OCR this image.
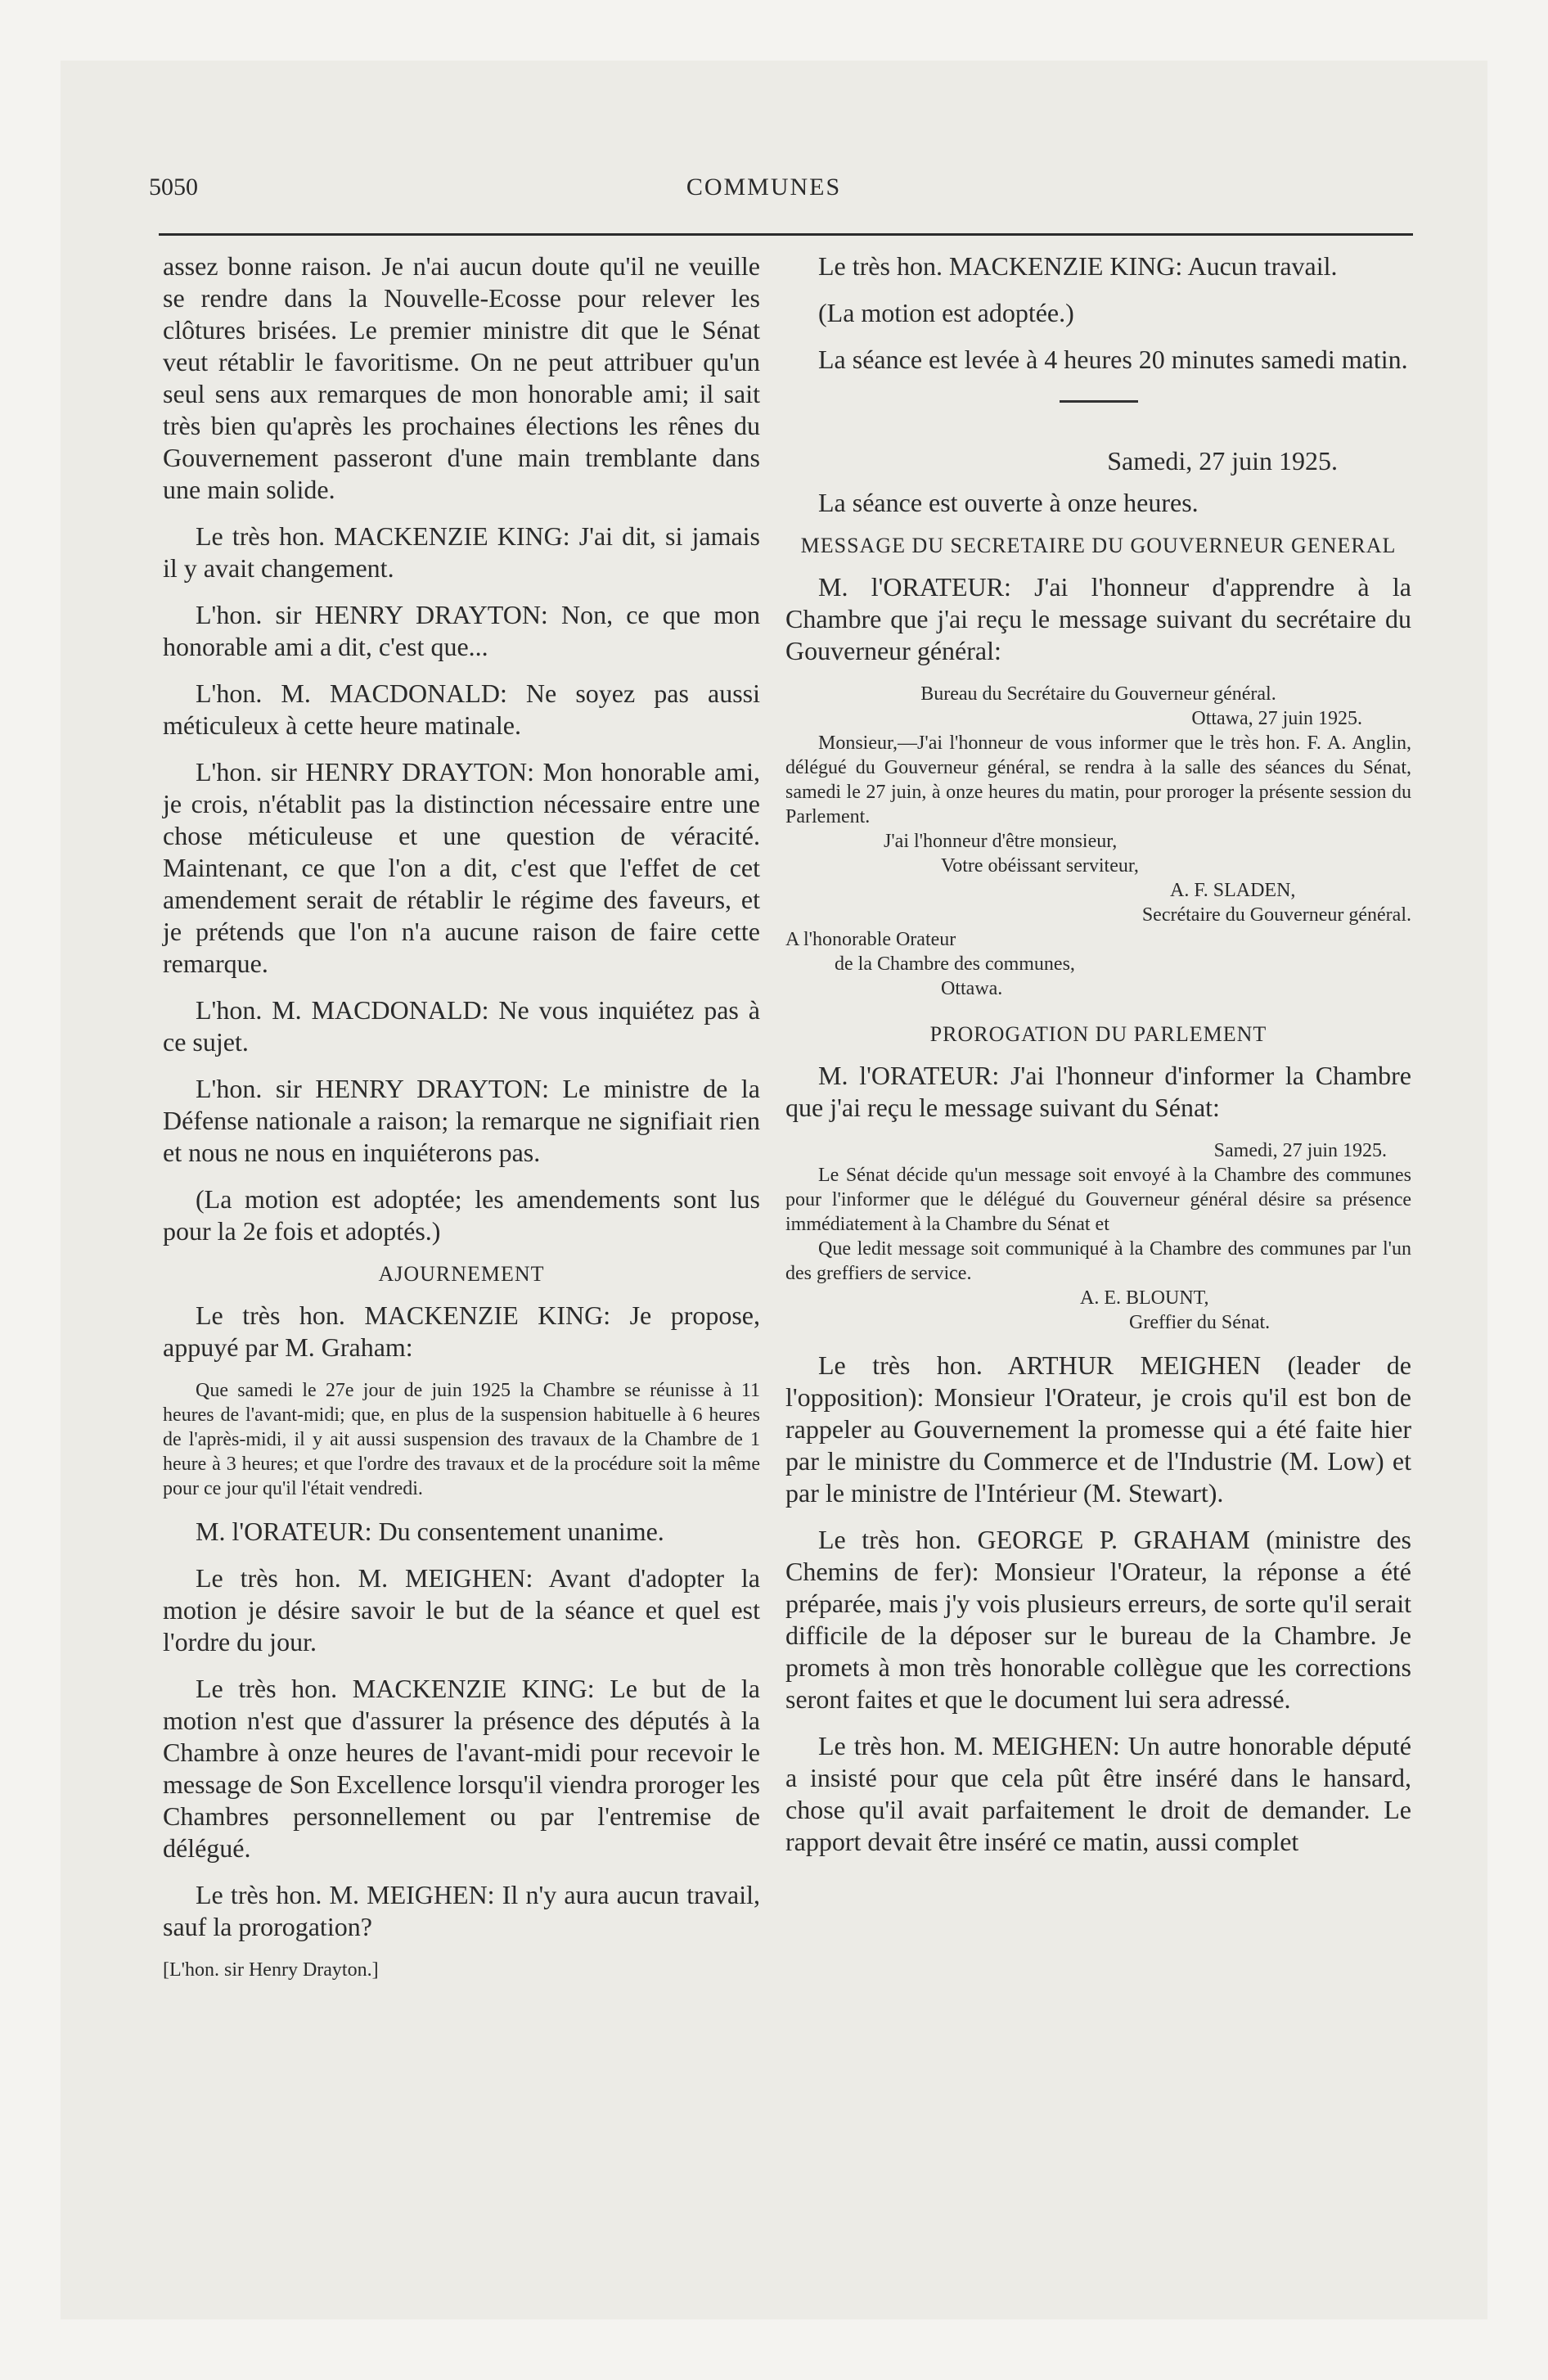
5050	COMMUNES

assez bonne raison. Je n'ai aucun doute qu'il ne veuille se rendre dans la Nouvelle-Ecosse pour relever les clôtures brisées. Le premier ministre dit que le Sénat veut rétablir le favoritisme. On ne peut attribuer qu'un seul sens aux remarques de mon honorable ami; il sait très bien qu'après les prochaines élections les rênes du Gouvernement passeront d'une main tremblante dans une main solide.

Le très hon. MACKENZIE KING: J'ai dit, si jamais il y avait changement.

L'hon. sir HENRY DRAYTON: Non, ce que mon honorable ami a dit, c'est que...

L'hon. M. MACDONALD: Ne soyez pas aussi méticuleux à cette heure matinale.

L'hon. sir HENRY DRAYTON: Mon honorable ami, je crois, n'établit pas la distinction nécessaire entre une chose méticuleuse et une question de véracité. Maintenant, ce que l'on a dit, c'est que l'effet de cet amendement serait de rétablir le régime des faveurs, et je prétends que l'on n'a aucune raison de faire cette remarque.

L'hon. M. MACDONALD: Ne vous inquiétez pas à ce sujet.

L'hon. sir HENRY DRAYTON: Le ministre de la Défense nationale a raison; la remarque ne signifiait rien et nous ne nous en inquiéterons pas.

(La motion est adoptée; les amendements sont lus pour la 2e fois et adoptés.)

AJOURNEMENT

Le très hon. MACKENZIE KING: Je propose, appuyé par M. Graham:

Que samedi le 27e jour de juin 1925 la Chambre se réunisse à 11 heures de l'avant-midi; que, en plus de la suspension habituelle à 6 heures de l'après-midi, il y ait aussi suspension des travaux de la Chambre de 1 heure à 3 heures; et que l'ordre des travaux et de la procédure soit la même pour ce jour qu'il l'était vendredi.

M. l'ORATEUR: Du consentement unanime.

Le très hon. M. MEIGHEN: Avant d'adopter la motion je désire savoir le but de la séance et quel est l'ordre du jour.

Le très hon. MACKENZIE KING: Le but de la motion n'est que d'assurer la présence des députés à la Chambre à onze heures de l'avant-midi pour recevoir le message de Son Excellence lorsqu'il viendra proroger les Chambres personnellement ou par l'entremise de délégué.

Le très hon. M. MEIGHEN: Il n'y aura aucun travail, sauf la prorogation?

[L'hon. sir Henry Drayton.]

Le très hon. MACKENZIE KING: Aucun travail.

(La motion est adoptée.)

La séance est levée à 4 heures 20 minutes samedi matin.

Samedi, 27 juin 1925.

La séance est ouverte à onze heures.

MESSAGE DU SECRETAIRE DU GOUVERNEUR GENERAL

M. l'ORATEUR: J'ai l'honneur d'apprendre à la Chambre que j'ai reçu le message suivant du secrétaire du Gouverneur général:

Bureau du Secrétaire du Gouverneur général.

Ottawa, 27 juin 1925.

Monsieur,—J'ai l'honneur de vous informer que le très hon. F. A. Anglin, délégué du Gouverneur général, se rendra à la salle des séances du Sénat, samedi le 27 juin, à onze heures du matin, pour proroger la présente session du Parlement.

J'ai l'honneur d'être monsieur,

Votre obéissant serviteur,

A. F. SLADEN,

Secrétaire du Gouverneur général.

A l'honorable Orateur

de la Chambre des communes,

Ottawa.

PROROGATION DU PARLEMENT

M. l'ORATEUR: J'ai l'honneur d'informer la Chambre que j'ai reçu le message suivant du Sénat:

Samedi, 27 juin 1925.

Le Sénat décide qu'un message soit envoyé à la Chambre des communes pour l'informer que le délégué du Gouverneur général désire sa présence immédiatement à la Chambre du Sénat et

Que ledit message soit communiqué à la Chambre des communes par l'un des greffiers de service.

A. E. BLOUNT,

Greffier du Sénat.

Le très hon. ARTHUR MEIGHEN (leader de l'opposition): Monsieur l'Orateur, je crois qu'il est bon de rappeler au Gouvernement la promesse qui a été faite hier par le ministre du Commerce et de l'Industrie (M. Low) et par le ministre de l'Intérieur (M. Stewart).

Le très hon. GEORGE P. GRAHAM (ministre des Chemins de fer): Monsieur l'Orateur, la réponse a été préparée, mais j'y vois plusieurs erreurs, de sorte qu'il serait difficile de la déposer sur le bureau de la Chambre. Je promets à mon très honorable collègue que les corrections seront faites et que le document lui sera adressé.

Le très hon. M. MEIGHEN: Un autre honorable député a insisté pour que cela pût être inséré dans le hansard, chose qu'il avait parfaitement le droit de demander. Le rapport devait être inséré ce matin, aussi complet
